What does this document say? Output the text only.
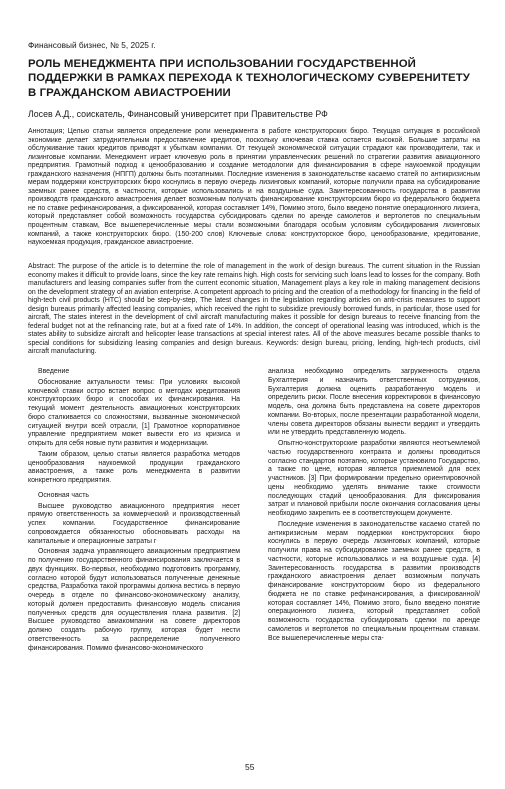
Финансовый бизнес, № 5, 2025 г.
РОЛЬ МЕНЕДЖМЕНТА ПРИ ИСПОЛЬЗОВАНИИ ГОСУДАРСТВЕННОЙ ПОДДЕРЖКИ В РАМКАХ ПЕРЕХОДА К ТЕХНОЛОГИЧЕСКОМУ СУВЕРЕНИТЕТУ В ГРАЖДАНСКОМ АВИАСТРОЕНИИ
Лосев А.Д., соискатель, Финансовый университет при Правительстве РФ

Аннотация; Целью статьи является определение роли менеджмента в работе конструкторских бюро. Текущая ситуация в российской экономике делает затруднительным предоставление кредитов, поскольку ключевая ставка остается высокой. Большие затраты на обслуживание таких кредитов приводят к убыткам компании. От текущей экономической ситуации страдают как производители, так и лизинговые компании. Менеджмент играет ключевую роль в принятии управленческих решений по стратегии развития авиационного предприятия. Грамотный подход к ценообразованию и создание методологии для финансирования в сфере наукоемкой продукции гражданского назначения (НПГП) должны быть поэтапными. Последние изменения в законодательстве касаемо статей по антикризисным мерам поддержки конструкторских бюро коснулись в первую очередь лизинговых компаний, которые получили права на субсидирование заемных ранее средств, в частности, которые использовались и на воздушные суда. Заинтересованность государства в развитии производств гражданского авиастроения делает возможным получать финансирование конструкторским бюро из федерального бюджета не по ставке рефинансирования, а фиксированной, которая составляет 14%, Помимо этого, было введено понятие операционного лизинга, который представляет собой возможность государства субсидировать сделки по аренде самолетов и вертолетов по специальным процентным ставкам, Все вышеперечисленные меры стали возможными благодаря особым условиям субсидирования лизинговых компаний, а также конструкторских бюро. (150-200 слов) Ключевые слова: конструкторское бюро, ценообразование, кредитование, наукоемкая продукция, гражданское авиастроение.

Abstract: The purpose of the article is to determine the role of management in the work of design bureaus. The current situation in the Russian economy makes it difficult to provide loans, since the key rate remains high. High costs for servicing such loans lead to losses for the company. Both manufacturers and leasing companies suffer from the current economic situation, Management plays a key role in making management decisions on the development strategy of an aviation enterprise. A competent approach to pricing and the creation of a methodology for financing in the field of high-tech civil products (HTC) should be step-by-step, The latest changes in the legislation regarding articles on anti-crisis measures to support design bureaus primarily affected leasing companies, which received the right to subsidize previously borrowed funds, in particular, those used for aircraft, The states interest in the development of civil aircraft manufacturing makes it possible for design bureaus to receive financing from the federal budget not at the refinancing rate, but at a fixed rate of 14%. In addition, the concept of operational leasing was introduced, which is the states ability to subsidize aircraft and helicopter lease transactions at special interest rates. All of the above measures became possible thanks to special conditions for subsidizing leasing companies and design bureaus. Keywords: design bureau, pricing, lending, high-tech products, civil aircraft manufacturing.

Введение

Обоснование актуальности темы: При условиях высокой ключевой ставки остро встает вопрос о методах кредитования конструкторских бюро и способах их финансирования. На текущий момент деятельность авиационных конструкторских бюро сталкивается со сложностями, вызванные экономической ситуацией внутри всей отрасли, [1] Грамотное корпоративное управление предприятием может вывести его из кризиса и открыть для себя новые пути развития и модернизации.

Таким образом, целью статьи является разработка методов ценообразования наукоемкой продукции гражданского авиастроения, а также роль менеджмента в развитии конкретного предприятия.

Основная часть

Высшее руководство авиационного предприятия несет прямую ответственность за коммерческий и производственный успех компании. Государственное финансирование сопровождается обязанностью обосновывать расходы на капитальные и операционные затраты г

Основная задача управляющего авиационным предприятием по получению государственного финансирования заключается в двух функциях. Во-первых, необходимо подготовить программу, согласно которой будут использоваться полученные денежные средства, Разработка такой программы должна вестись в первую очередь в отделе по финансово-экономическому анализу, который должен предоставить финансовую модель списания полученных средств для осуществления плана развития. [2] Высшее руководство авиакомпании на совете директоров должно создать рабочую группу, которая будет нести ответственность за распределение полученного финансирования. Помимо финансово-экономического

анализа необходимо определить загруженность отдела Бухгалтерия и назначить ответственных сотрудников, Бухгалтерия должна оценить разработанную модель и определить риски. После внесения корректировок в финансовую модель, она должна быть представлена на совете директоров компании. Во-вторых, после презентации разработанной модели, члены совета директоров обязаны вынести вердикт и утвердить или не утвердить представленную модель.

Опытно-конструкторские разработки являются неотъемлемой частью государственного контракта и должны проводиться согласно стандартов поэтапно, которые установило Государство, а также по цене, которая является приемлемой для всех участников. [3] При формировании предельно ориентировочной цены необходимо уделять внимание также стоимости последующих стадий ценообразования. Для фиксирования затрат и плановой прибыли после окончания согласования цены необходимо закрепить ее в соответствующем документе.

Последние изменения в законодательстве касаемо статей по антикризисным мерам поддержки конструкторских бюро коснулись в первую очередь лизинговых компаний, которые получили права на субсидирование заемных ранее средств, в частности, которые использовались и на воздушные суда. [4] Заинтересованность государства в развитии производств гражданского авиастроения делает возможным получать финансирование конструкторским бюро из федерального бюджета не по ставке рефинансирования, а фиксированной/ которая составляет 14%, Помимо этого, было введено понятие операционного лизинга, который представляет собой возможность государства субсидировать сделки по аренде самолетов и вертолетов по специальным процентным ставкам. Все вышеперечисленные меры ста-

55
